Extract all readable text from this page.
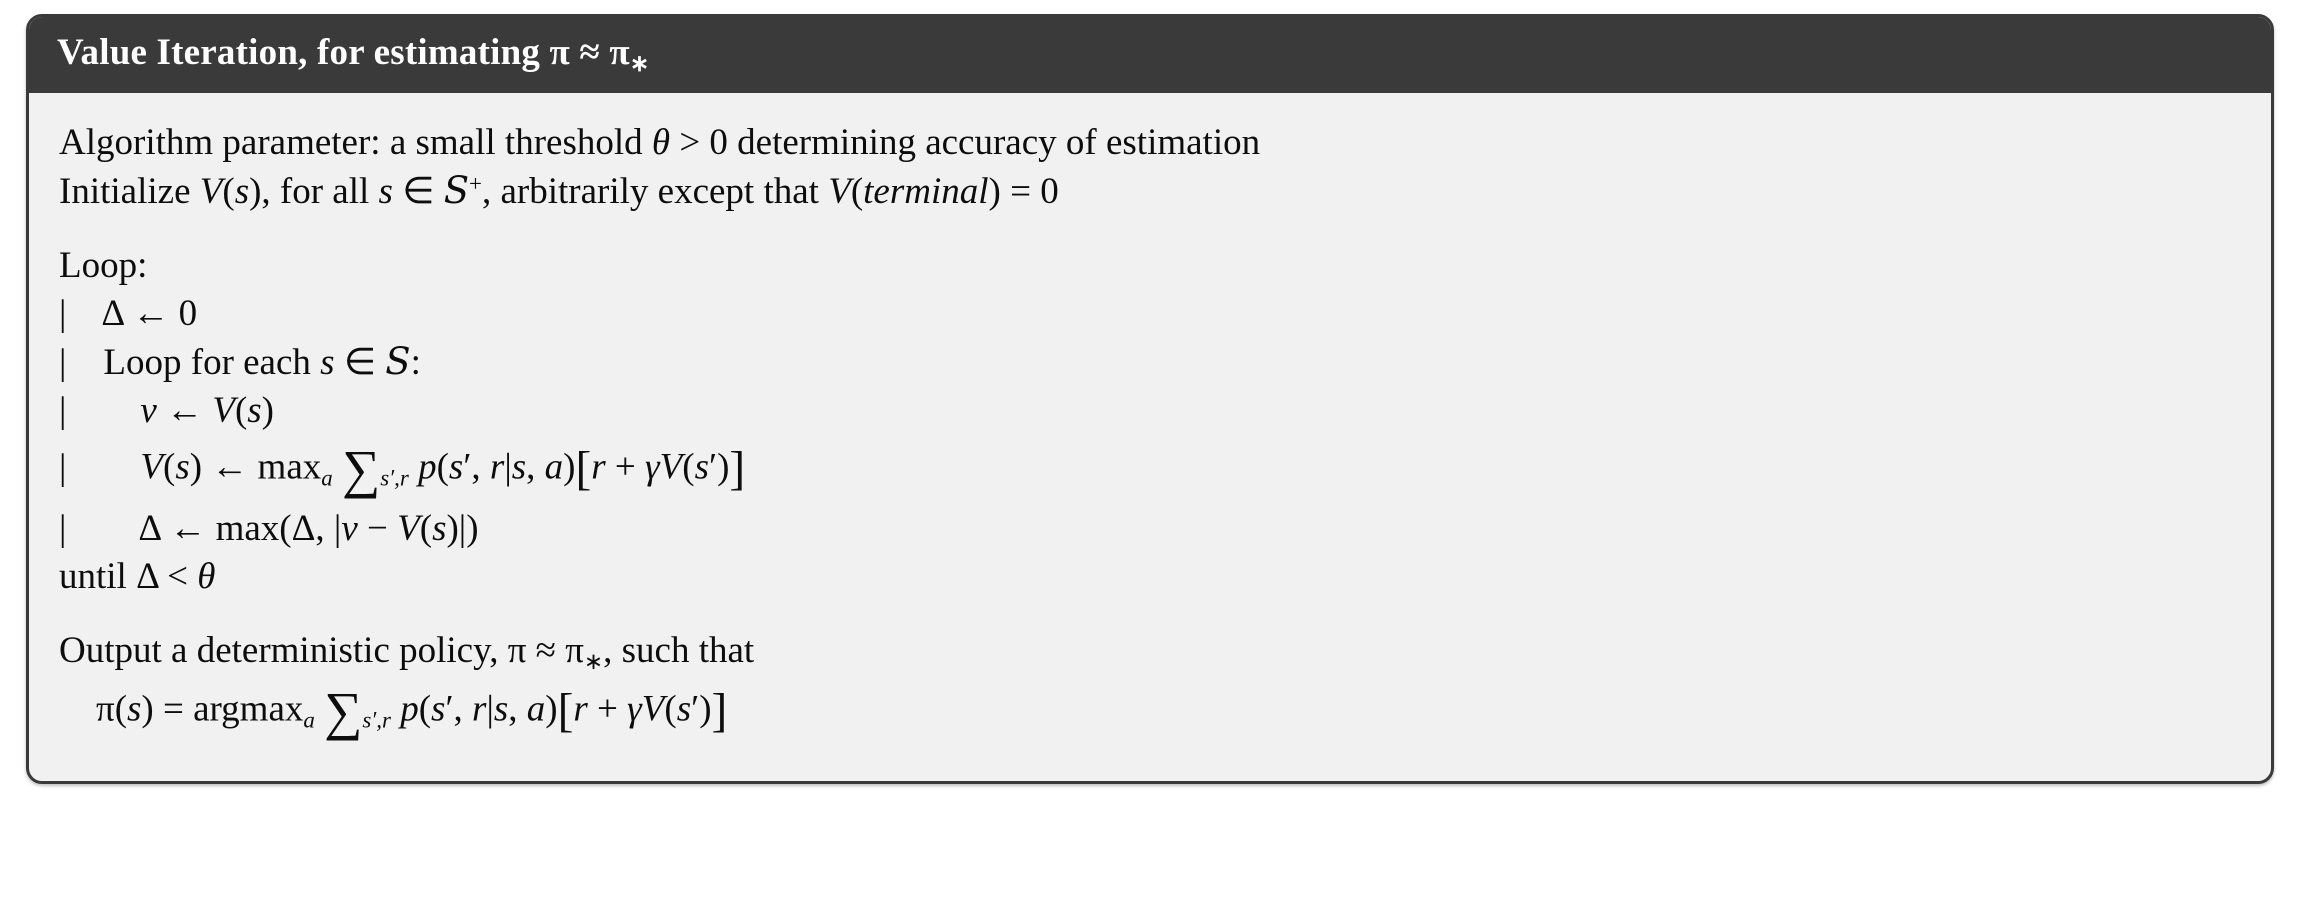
Value Iteration, for estimating π ≈ π∗
Algorithm parameter: a small threshold θ > 0 determining accuracy of estimation
Initialize V(s), for all s ∈ S+, arbitrarily except that V(terminal) = 0
Loop:
|   Δ ← 0
|   Loop for each s ∈ S:
| v ← V(s)
| V(s) ← $\max_a \sum_{s',r}$ p(s′, r|s, a)[r + γV(s′)]
|       Δ ← max(Δ, |v − V(s)|)
until Δ < θ
Output a deterministic policy, π ≈ π∗, such that
π(s) = argmax$_a$ $\sum_{s',r}$ p(s′, r|s, a)[r + γV(s′)]
